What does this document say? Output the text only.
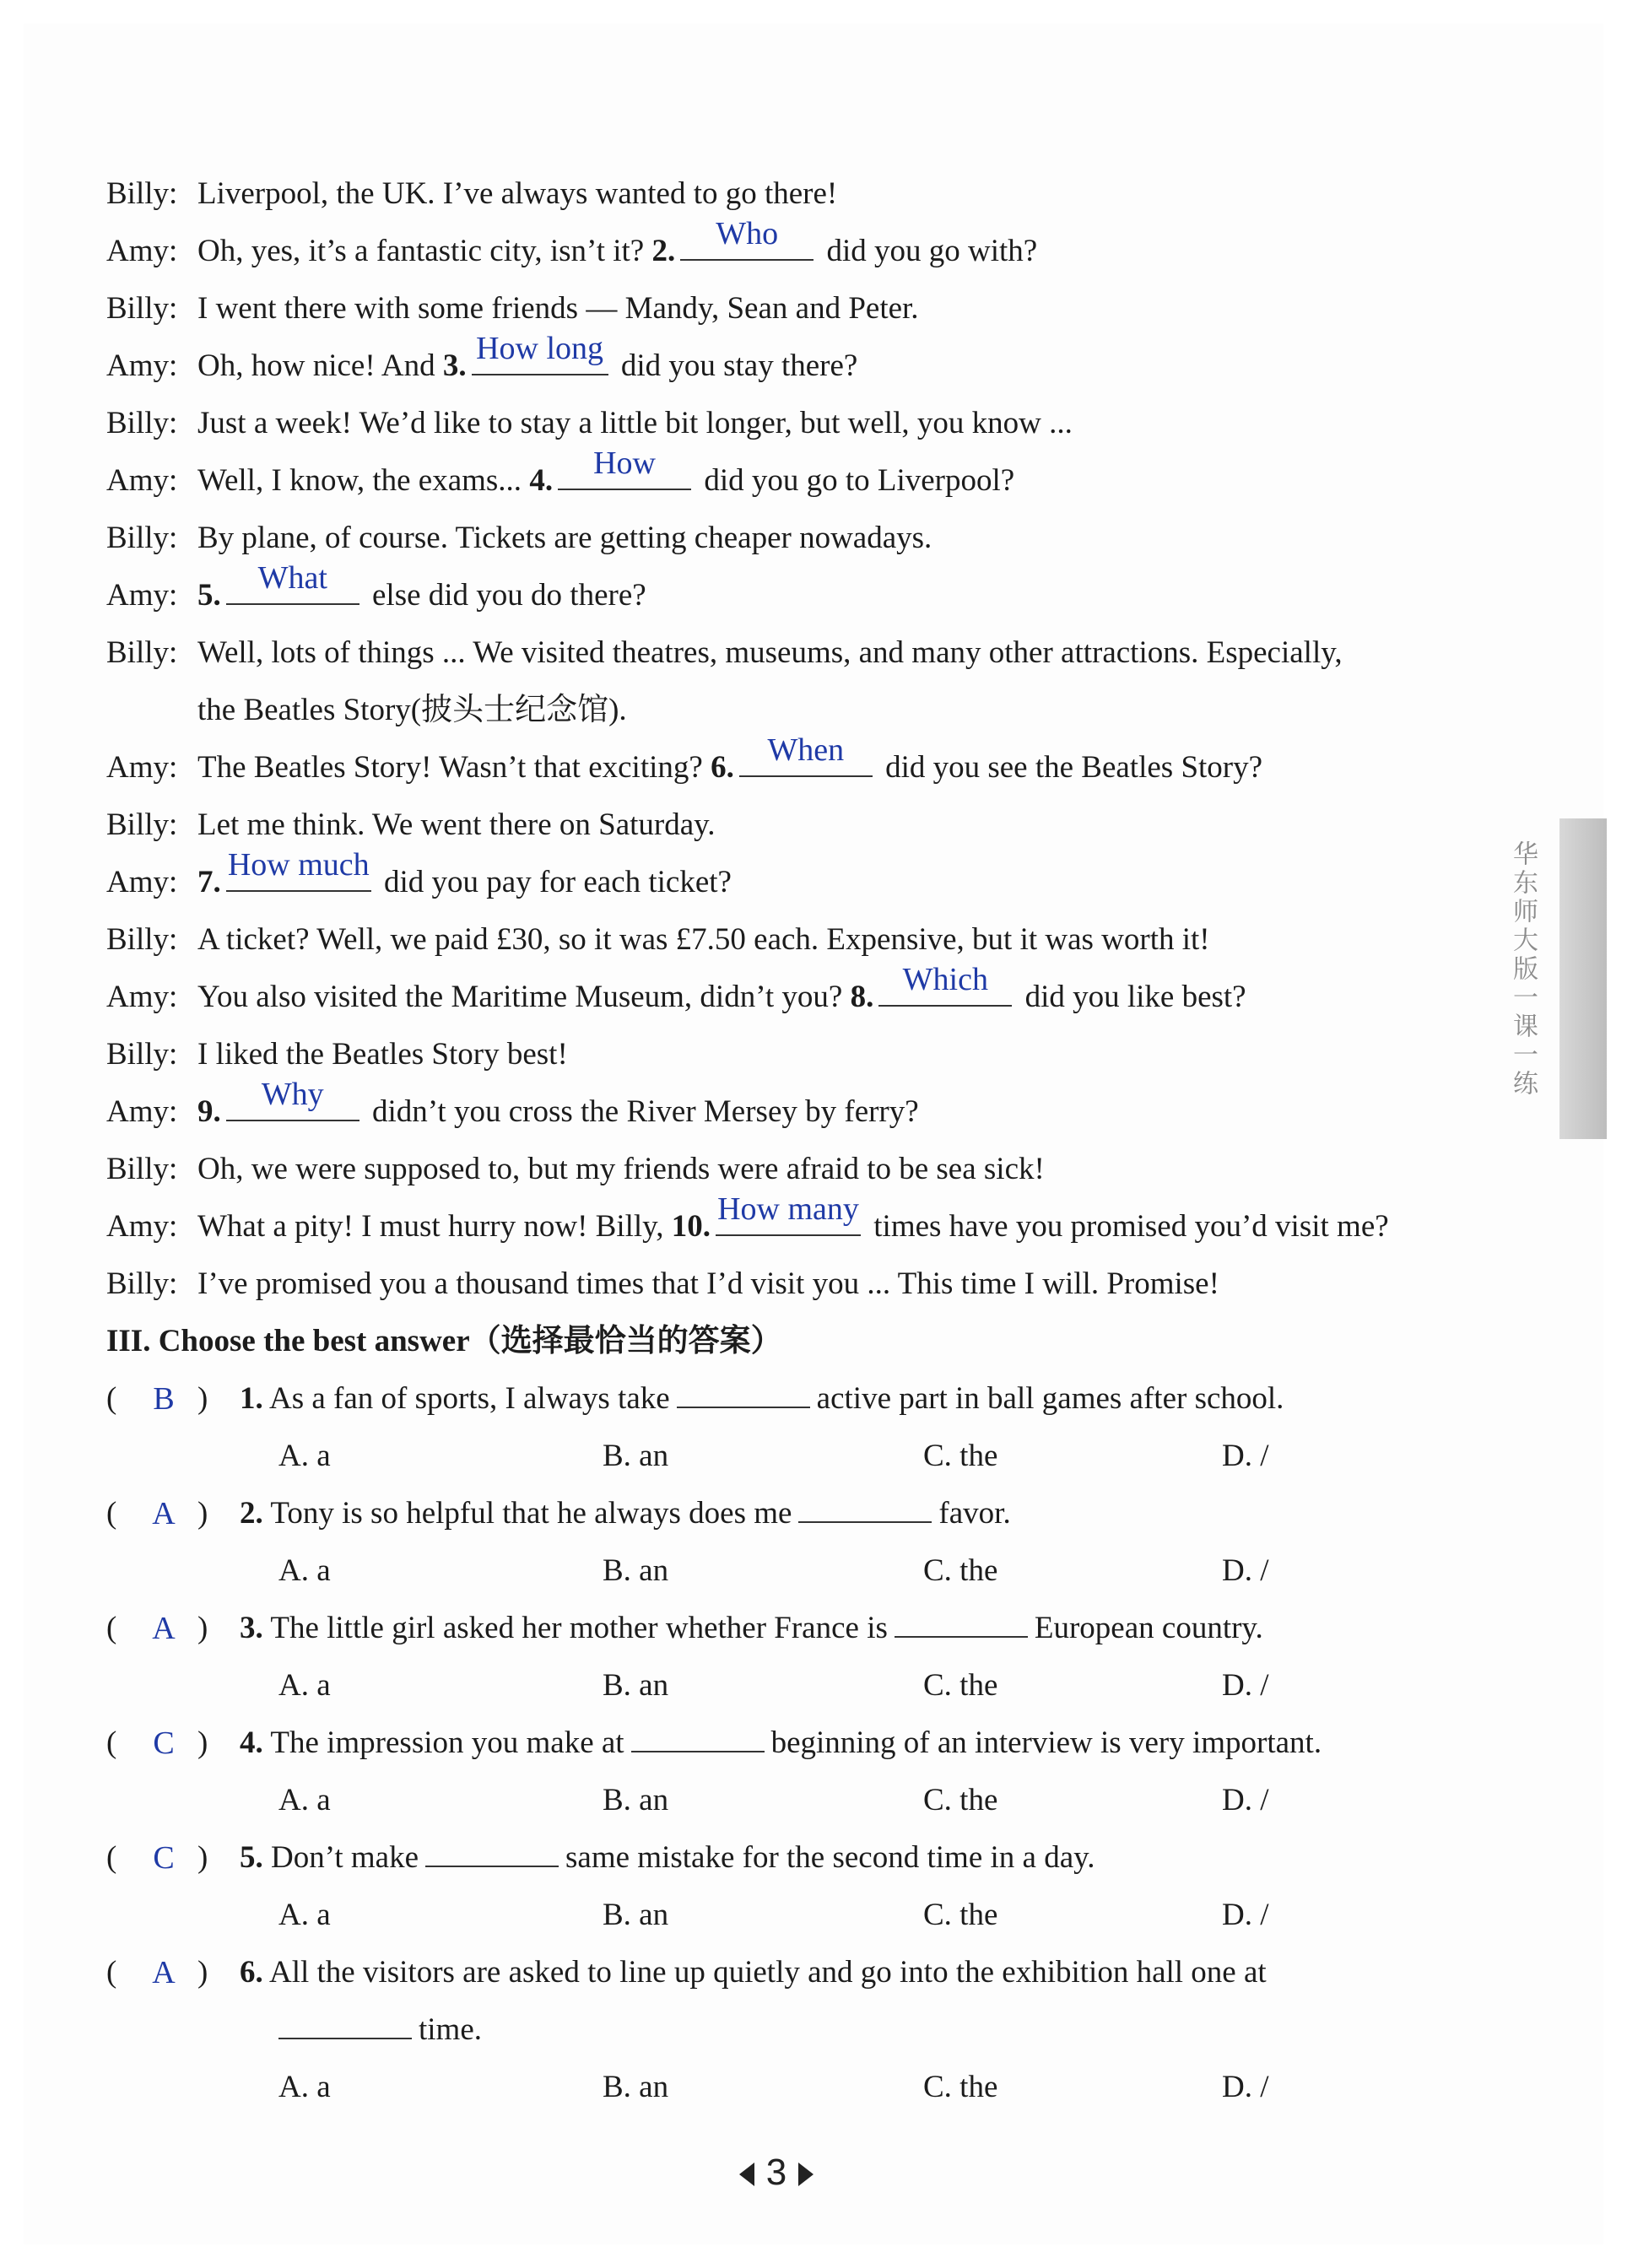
华东师大版一课一练
Billy: Liverpool, the UK. I’ve always wanted to go there!
Amy: Oh, yes, it’s a fantastic city, isn’t it? 2.	Who	did you go with?
Billy: I went there with some friends — Mandy, Sean and Peter.
Amy: Oh, how nice! And 3. How long did you stay there?
Billy: Just a week! We’d like to stay a little bit longer, but well, you know ...
Amy: Well, I know, the exams... 4.	How	did you go to Liverpool?
Billy: By plane, of course. Tickets are getting cheaper nowadays.
Amy: 5.	What	else did you do there?
Billy: Well, lots of things ... We visited theatres, museums, and many other attractions. Especially,
the Beatles Story(披头士纪念馆).
Amy: The Beatles Story! Wasn’t that exciting? 6.	When	did you see the Beatles Story?
Billy: Let me think. We went there on Saturday.
Amy: 7. How much did you pay for each ticket?
Billy: A ticket? Well, we paid £30, so it was £7.50 each. Expensive, but it was worth it!
Amy: You also visited the Maritime Museum, didn’t you? 8. Which did you like best?
Billy: I liked the Beatles Story best!
Amy: 9.	Why	didn’t you cross the River Mersey by ferry?
Billy: Oh, we were supposed to, but my friends were afraid to be sea sick!
Amy: What a pity! I must hurry now! Billy, 10. How many times have you promised you’d visit me?
Billy: I’ve promised you a thousand times that I’d visit you ... This time I will. Promise!
III. Choose the best answer（选择最恰当的答案）
(	B ) 1. As a fan of sports, I always take	active part in ball games after school.
A. a	B. an	C. the	D. /
(	A ) 2. Tony is so helpful that he always does me	favor.
A. a	B. an	C. the	D. /
(	A ) 3. The little girl asked her mother whether France is	European country.
A. a	B. an	C. the	D. /
(	C ) 4. The impression you make at	beginning of an interview is very important.
A. a	B. an	C. the	D. /
(	C ) 5. Don’t make	same mistake for the second time in a day.
A. a	B. an	C. the	D. /
(	A ) 6. All the visitors are asked to line up quietly and go into the exhibition hall one at
time.
A. a	B. an	C. the	D. /
3
